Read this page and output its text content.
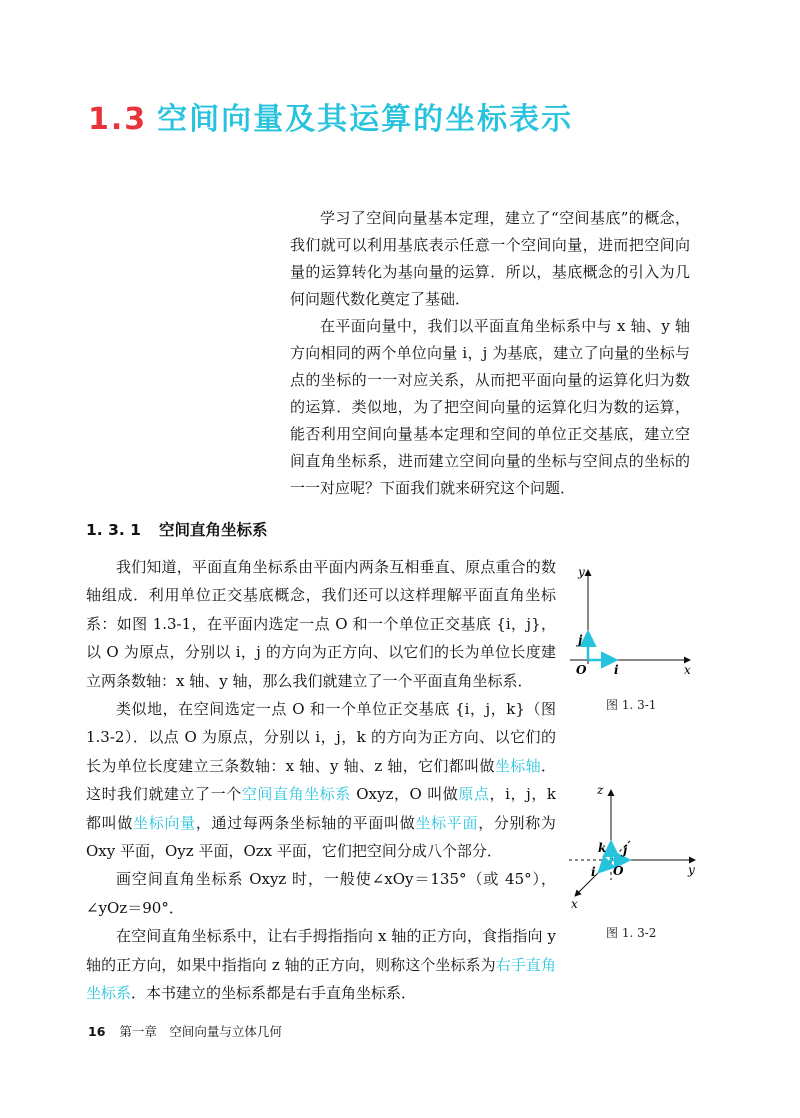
1.3 空间向量及其运算的坐标表示

学习了空间向量基本定理，建立了“空间基底”的概念，我们就可以利用基底表示任意一个空间向量，进而把空间向量的运算转化为基向量的运算．所以，基底概念的引入为几何问题代数化奠定了基础．

在平面向量中，我们以平面直角坐标系中与 x 轴、y 轴方向相同的两个单位向量 i，j 为基底，建立了向量的坐标与点的坐标的一一对应关系，从而把平面向量的运算化归为数的运算．类似地，为了把空间向量的运算化归为数的运算，能否利用空间向量基本定理和空间的单位正交基底，建立空间直角坐标系，进而建立空间向量的坐标与空间点的坐标的一一对应呢？下面我们就来研究这个问题．

1. 3. 1 空间直角坐标系

我们知道，平面直角坐标系由平面内两条互相垂直、原点重合的数轴组成．利用单位正交基底概念，我们还可以这样理解平面直角坐标系：如图 1.3-1，在平面内选定一点 O 和一个单位正交基底 {i，j}，以 O 为原点，分别以 i，j 的方向为正方向、以它们的长为单位长度建立两条数轴：x 轴、y 轴，那么我们就建立了一个平面直角坐标系．

类似地，在空间选定一点 O 和一个单位正交基底 {i，j，k}（图 1.3-2）．以点 O 为原点，分别以 i，j，k 的方向为正方向、以它们的长为单位长度建立三条数轴：x 轴、y 轴、z 轴，它们都叫做坐标轴．这时我们就建立了一个空间直角坐标系 Oxyz，O 叫做原点，i，j，k 都叫做坐标向量，通过每两条坐标轴的平面叫做坐标平面，分别称为 Oxy 平面，Oyz 平面，Ozx 平面，它们把空间分成八个部分．

画空间直角坐标系 Oxyz 时，一般使∠xOy＝135°（或 45°），∠yOz＝90°．

在空间直角坐标系中，让右手拇指指向 x 轴的正方向，食指指向 y 轴的正方向，如果中指指向 z 轴的正方向，则称这个坐标系为右手直角坐标系．本书建立的坐标系都是右手直角坐标系．

y
x
O
j
i
图 1. 3-1
z
y
x
O
k j
i
图 1. 3-2
16 第一章　空间向量与立体几何
